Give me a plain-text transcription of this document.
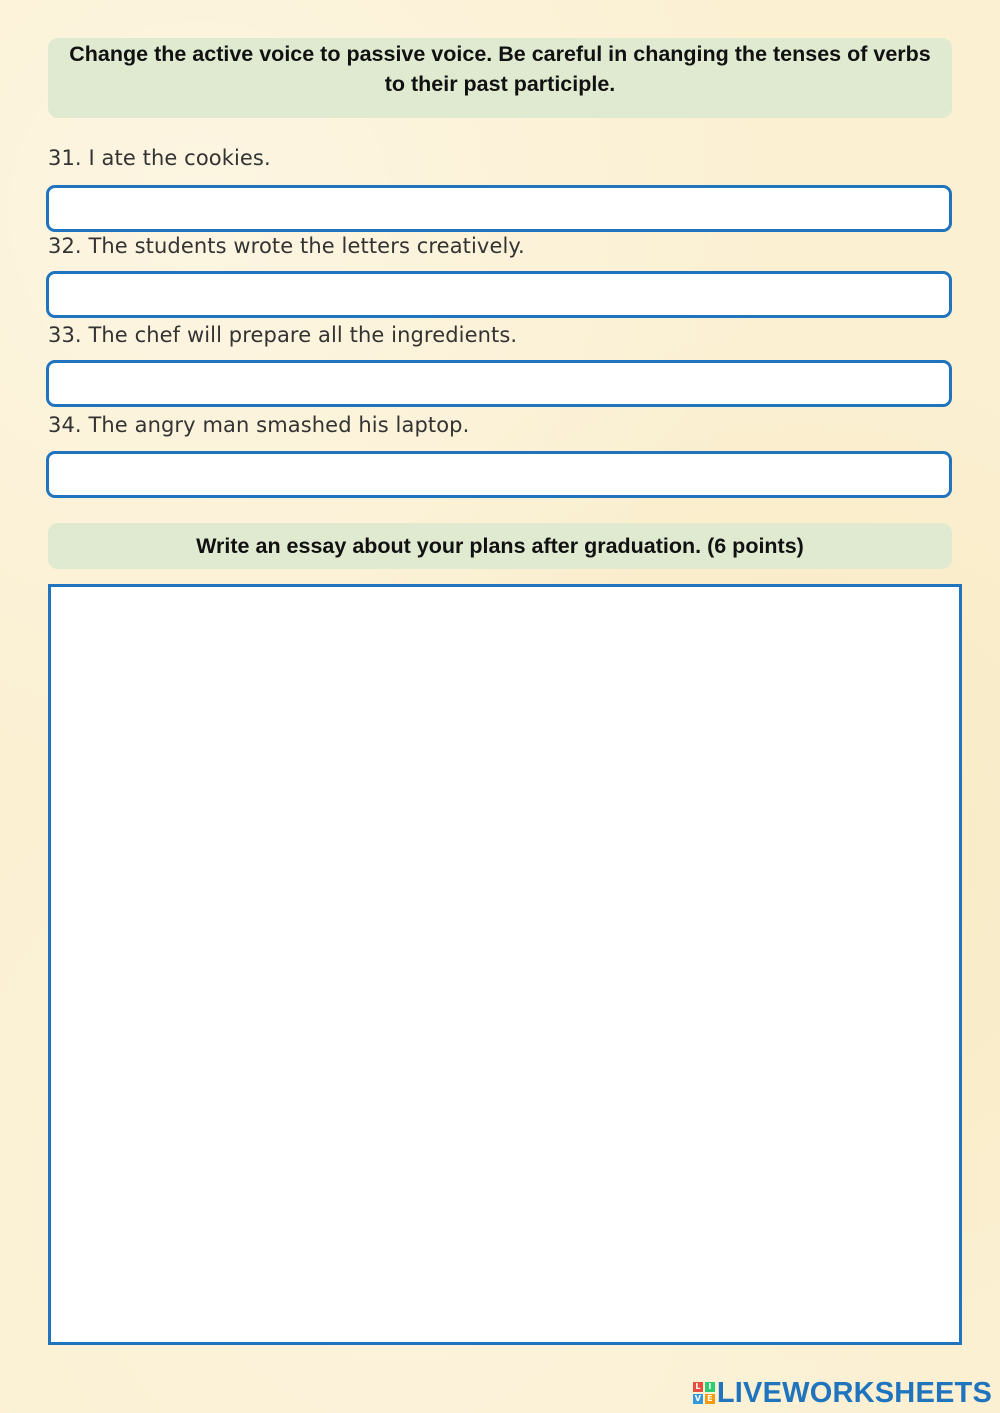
Change the active voice to passive voice. Be careful in changing the tenses of verbs to their past participle.
31. I ate the cookies.
32. The students wrote the letters creatively.
33. The chef will prepare all the ingredients.
34. The angry man smashed his laptop.
Write an essay about your plans after graduation. (6 points)
L I
V E LIVEWORKSHEETS
